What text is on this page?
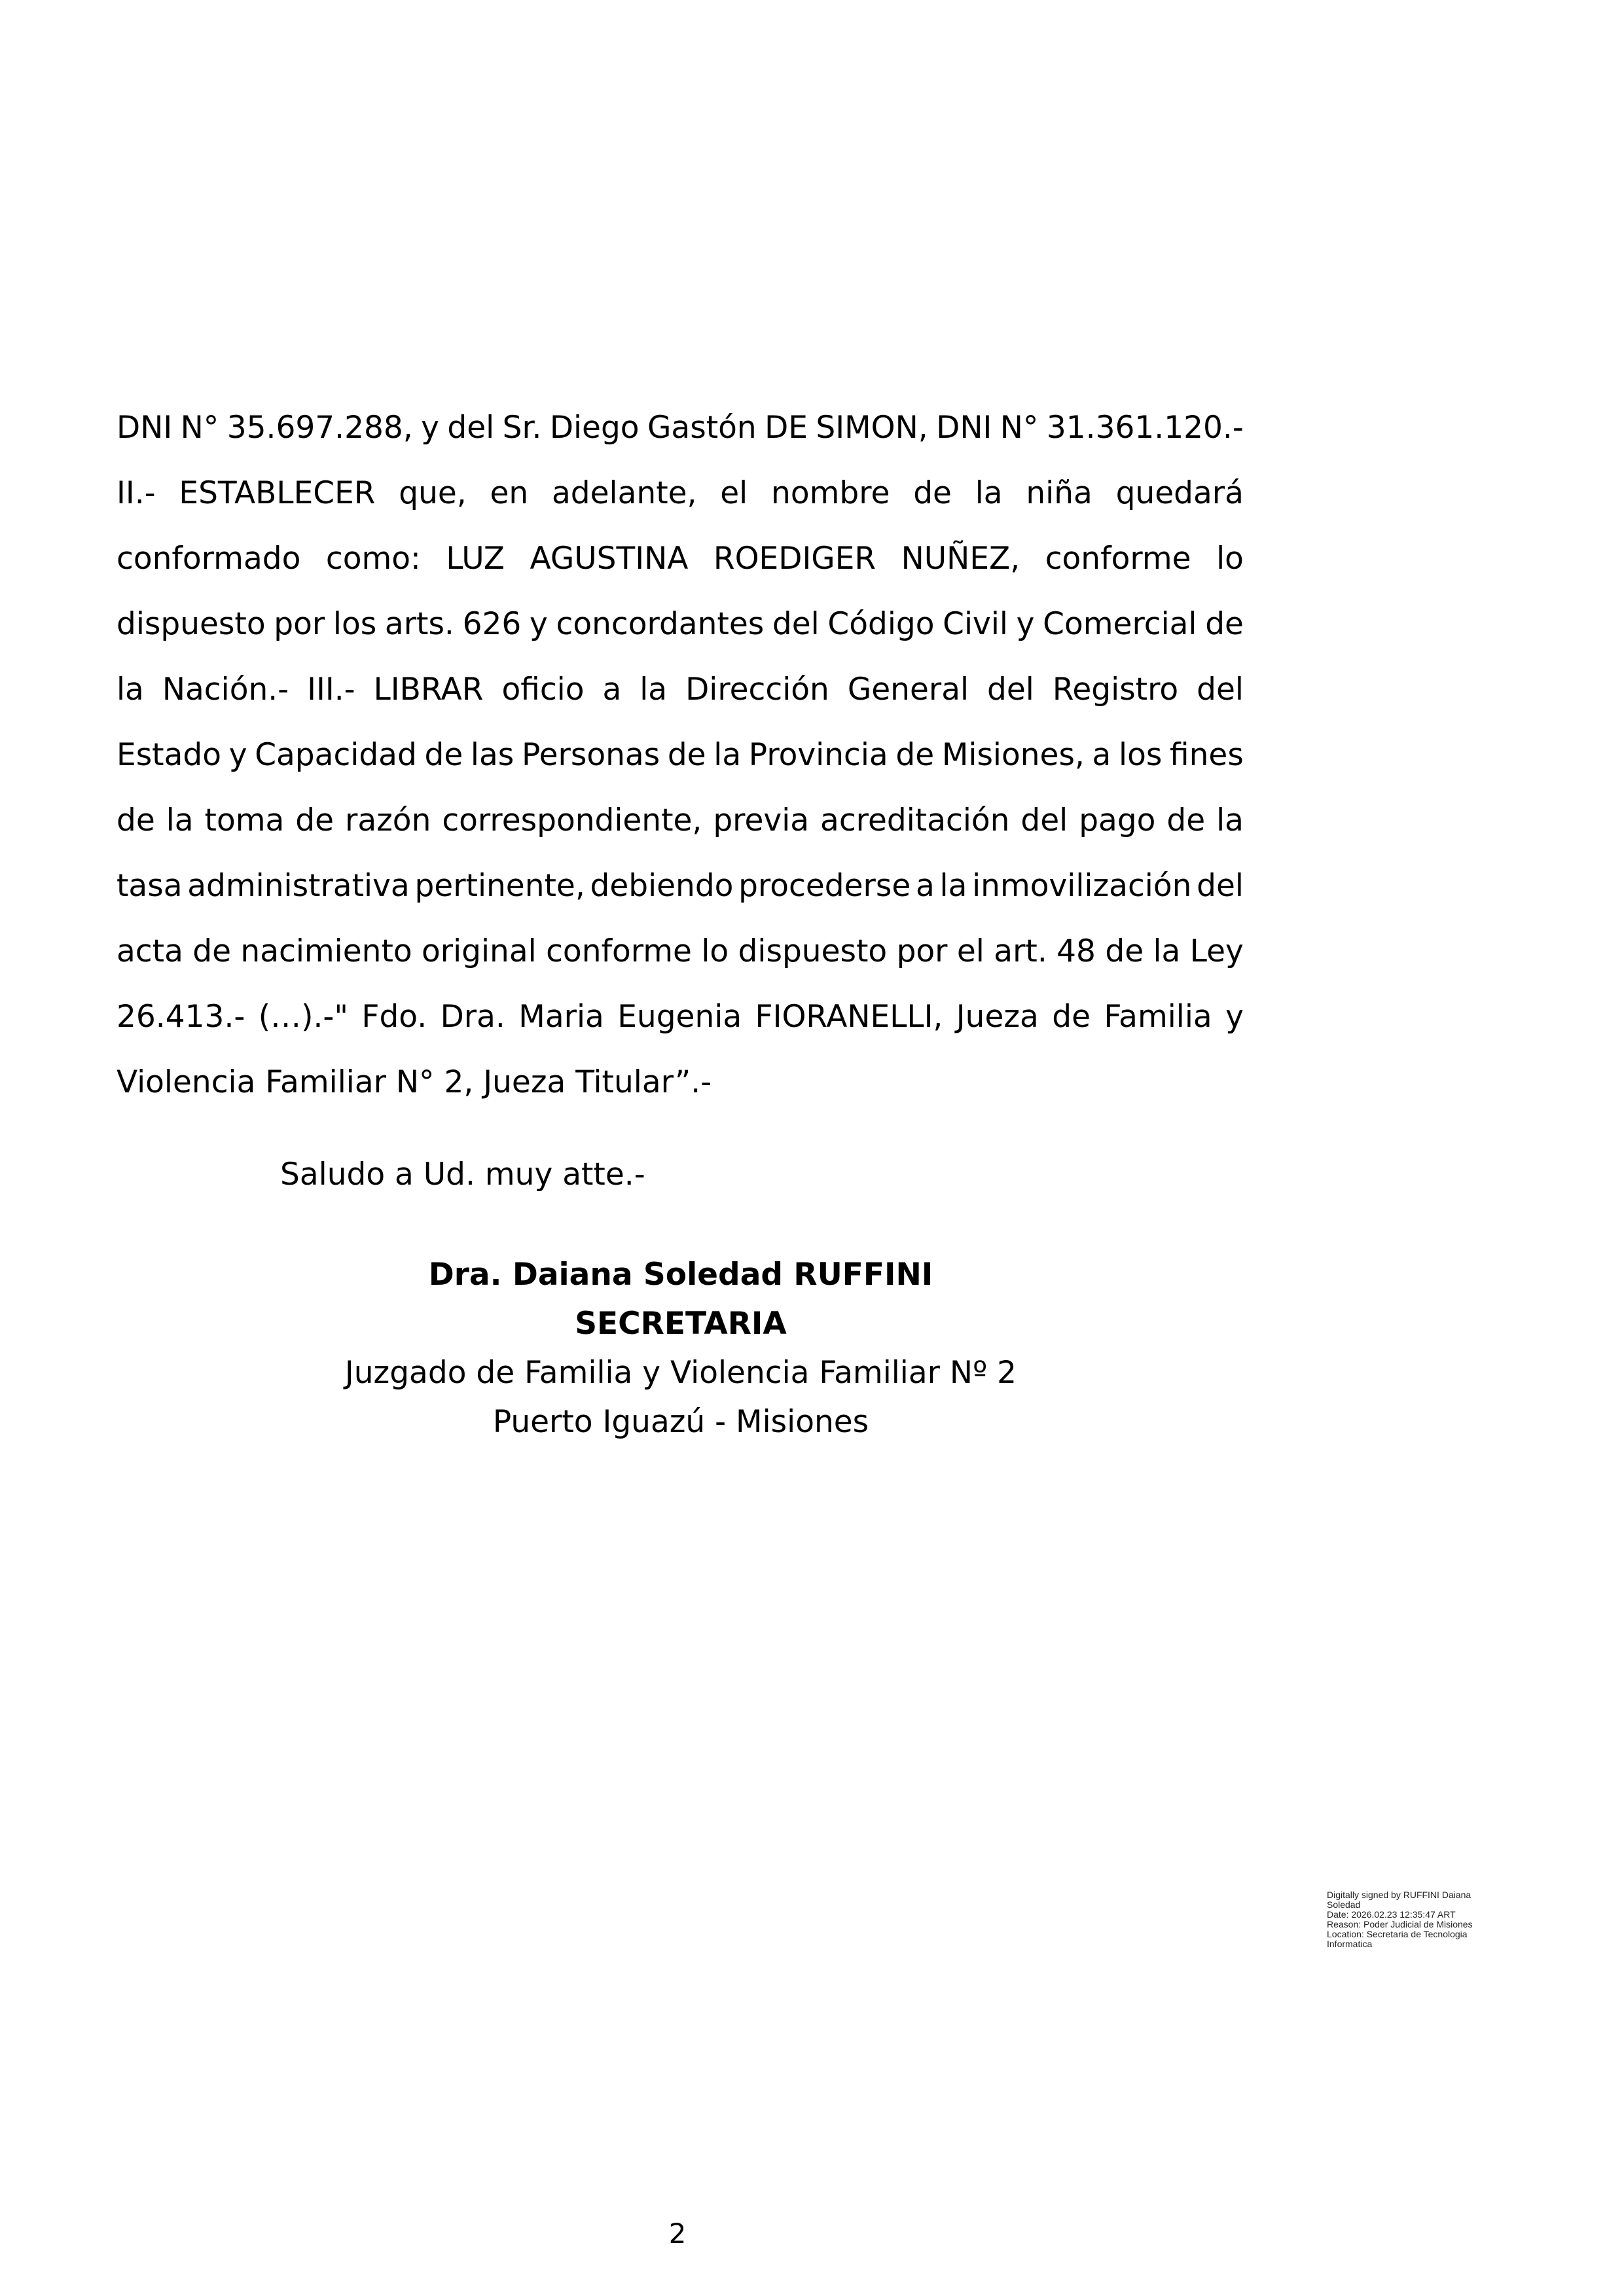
DNI N° 35.697.288, y del Sr. Diego Gastón DE SIMON, DNI N° 31.361.120.-
II.- ESTABLECER que, en adelante, el nombre de la niña quedará
conformado como: LUZ AGUSTINA ROEDIGER NUÑEZ, conforme lo
dispuesto por los arts. 626 y concordantes del Código Civil y Comercial de
la Nación.- III.- LIBRAR oficio a la Dirección General del Registro del
Estado y Capacidad de las Personas de la Provincia de Misiones, a los fines
de la toma de razón correspondiente, previa acreditación del pago de la
tasa administrativa pertinente, debiendo procederse a la inmovilización del
acta de nacimiento original conforme lo dispuesto por el art. 48 de la Ley
26.413.- (…).-" Fdo. Dra. Maria Eugenia FIORANELLI, Jueza de Familia y
Violencia Familiar N° 2, Jueza Titular”.-
Saludo a Ud. muy atte.-
Dra. Daiana Soledad RUFFINI
SECRETARIA
Juzgado de Familia y Violencia Familiar Nº 2
Puerto Iguazú - Misiones
Digitally signed by RUFFINI Daiana
Soledad
Date: 2026.02.23 12:35:47 ART
Reason: Poder Judicial de Misiones
Location: Secretaria de Tecnologia
Informatica
2
